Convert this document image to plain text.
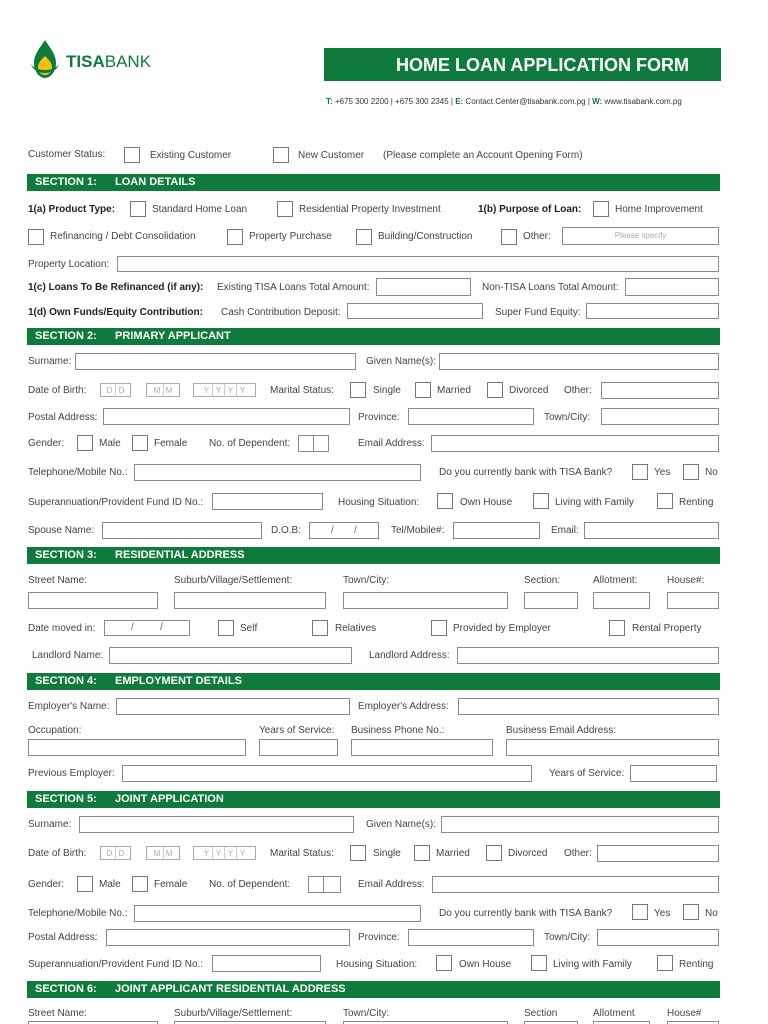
TISABANK	HOME LOAN APPLICATION FORM
T: +675 300 2200 | +675 300 2345 | E: Contact.Center@tisabank.com.pg | W: www.tisabank.com.pg
Customer Status:	Existing Customer	New Customer (Please complete an Account Opening Form)
SECTION 1: LOAN DETAILS
1(a) Product Type:	Standard Home Loan	Residential Property Investment	1(b) Purpose of Loan:	Home Improvement
Refinancing / Debt Consolidation	Property Purchase	Building/Construction	Other:	Please specify
Property Location:
1(c) Loans To Be Refinanced (if any): Existing TISA Loans Total Amount:	Non-TISA Loans Total Amount:
1(d) Own Funds/Equity Contribution: Cash Contribution Deposit:	Super Fund Equity:
SECTION 2: PRIMARY APPLICANT
Surname:	Given Name(s):
Date of Birth:	D D	M M	Y Y Y Y	Marital Status:	Single	Married	Divorced Other:
Postal Address:	Province:	Town/City:
Gender:	Male	Female No. of Dependent:	Email Address:
Telephone/Mobile No.:	Do you currently bank with TISA Bank?	Yes	No
Superannuation/Provident Fund ID No.:	Housing Situation:	Own House	Living with Family	Renting
Spouse Name:	D.O.B:	/ /	Tel/Mobile#:	Email:
SECTION 3: RESIDENTIAL ADDRESS
Street Name:	Suburb/Village/Settlement:	Town/City:	Section:	Allotment:	House#:
Date moved in:	/	/	Self	Relatives	Provided by Employer	Rental Property
Landlord Name:	Landlord Address:
SECTION 4: EMPLOYMENT DETAILS
Employer's Name:	Employer's Address:
Occupation:	Years of Service: Business Phone No.:	Business Email Address:
Previous Employer:	Years of Service:
SECTION 5: JOINT APPLICATION
Surname:	Given Name(s):
Date of Birth:	D D	M M	Y Y Y Y	Marital Status:	Single	Married	Divorced Other:
Gender:	Male	Female No. of Dependent:	Email Address:
Telephone/Mobile No.:	Do you currently bank with TISA Bank?	Yes	No
Postal Address:	Province:	Town/City:
Superannuation/Provident Fund ID No.:	Housing Situation:	Own House	Living with Family	Renting
SECTION 6: JOINT APPLICANT RESIDENTIAL ADDRESS
Street Name:	Suburb/Village/Settlement:	Town/City:	Section	Allotment	House#
